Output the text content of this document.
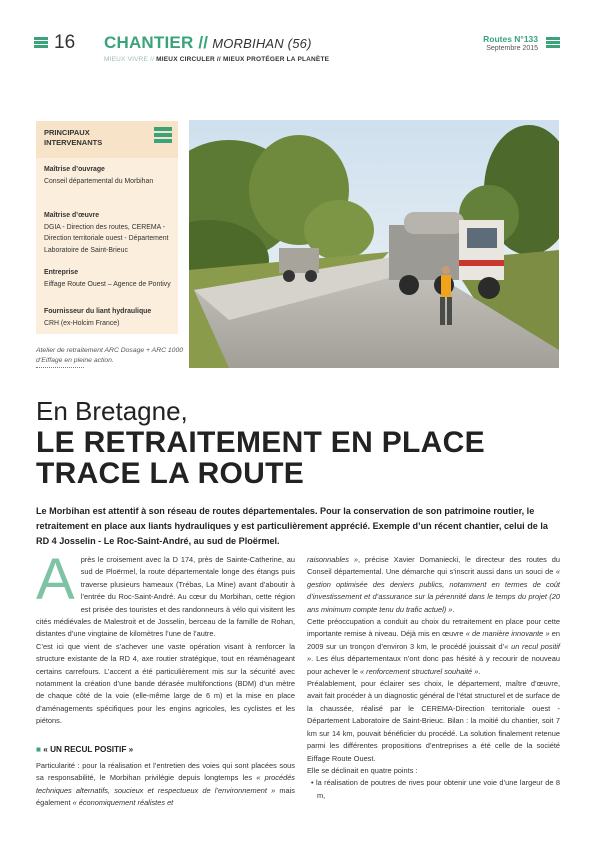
16 CHANTIER // MORBIHAN (56)
MIEUX VIVRE // MIEUX CIRCULER // MIEUX PROTÉGER LA PLANÈTE
Routes N°133
Septembre 2015
PRINCIPAUX INTERVENANTS
Maîtrise d’ouvrage
Conseil départemental du Morbihan
Maîtrise d’œuvre
DGIA - Direction des routes, CEREMA - Direction territoriale ouest - Département Laboratoire de Saint-Brieuc
Entreprise
Eiffage Route Ouest – Agence de Pontivy
Fournisseur du liant hydraulique
CRH (ex-Holcim France)
Atelier de retraitement ARC Dosage + ARC 1000 d’Eiffage en pleine action.
En Bretagne,
LE RETRAITEMENT EN PLACE TRACE LA ROUTE
Le Morbihan est attentif à son réseau de routes départementales. Pour la conservation de son patrimoine routier, le retraitement en place aux liants hydrauliques y est particulièrement apprécié. Exemple d’un récent chantier, celui de la RD 4 Josselin - Le Roc-Saint-André, au sud de Ploërmel.
A près le croisement avec la D 174, près de Sainte-Catherine, au sud de Ploërmel, la route départementale longe des étangs puis traverse plusieurs hameaux (Trébas, La Mine) avant d’aboutir à l’entrée du Roc-Saint-André. Au cœur du Morbihan, cette région est prisée des touristes et des randonneurs à vélo qui visitent les cités médiévales de Malestroit et de Josselin, berceau de la famille de Rohan, distantes d’une vingtaine de kilomètres l’une de l’autre.

C’est ici que vient de s’achever une vaste opération visant à renforcer la structure existante de la RD 4, axe routier stratégique, tout en réaménageant certains carrefours. L’accent a été particulièrement mis sur la sécurité avec notamment la création d’une bande dérasée multifonctions (BDM) d’un mètre de chaque côté de la voie (elle-même large de 6 m) et la mise en place d’aménagements spécifiques pour les engins agricoles, les cyclistes et les piétons.

■ « UN RECUL POSITIF »

Particularité : pour la réalisation et l’entretien des voies qui sont placées sous sa responsabilité, le Morbihan privilégie depuis longtemps les « procédés techniques alternatifs, soucieux et respectueux de l’environnement » mais également « économiquement réalistes et

raisonnables », précise Xavier Domaniecki, le directeur des routes du Conseil départemental. Une démarche qui s’inscrit aussi dans un souci de « gestion optimisée des deniers publics, notamment en termes de coût d’investissement et d’assurance sur la pérennité dans le temps du projet (20 ans minimum compte tenu du trafic actuel) ».

Cette préoccupation a conduit au choix du retraitement en place pour cette importante remise à niveau. Déjà mis en œuvre « de manière innovante » en 2009 sur un tronçon d’environ 3 km, le procédé jouissait d’« un recul positif ». Les élus départementaux n’ont donc pas hésité à y recourir de nouveau pour achever le « renforcement structurel souhaité ».

Préalablement, pour éclairer ses choix, le département, maître d’œuvre, avait fait procéder à un diagnostic général de l’état structurel et de surface de la chaussée, réalisé par le CEREMA-Direction territoriale ouest - Département Laboratoire de Saint-Brieuc. Bilan : la moitié du chantier, soit 7 km sur 14 km, pouvait bénéficier du procédé. La solution finalement retenue parmi les différentes propositions d’entreprises a été celle de la société Eiffage Route Ouest.

Elle se déclinait en quatre points :

• la réalisation de poutres de rives pour obtenir une voie d’une largeur de 8 m,
